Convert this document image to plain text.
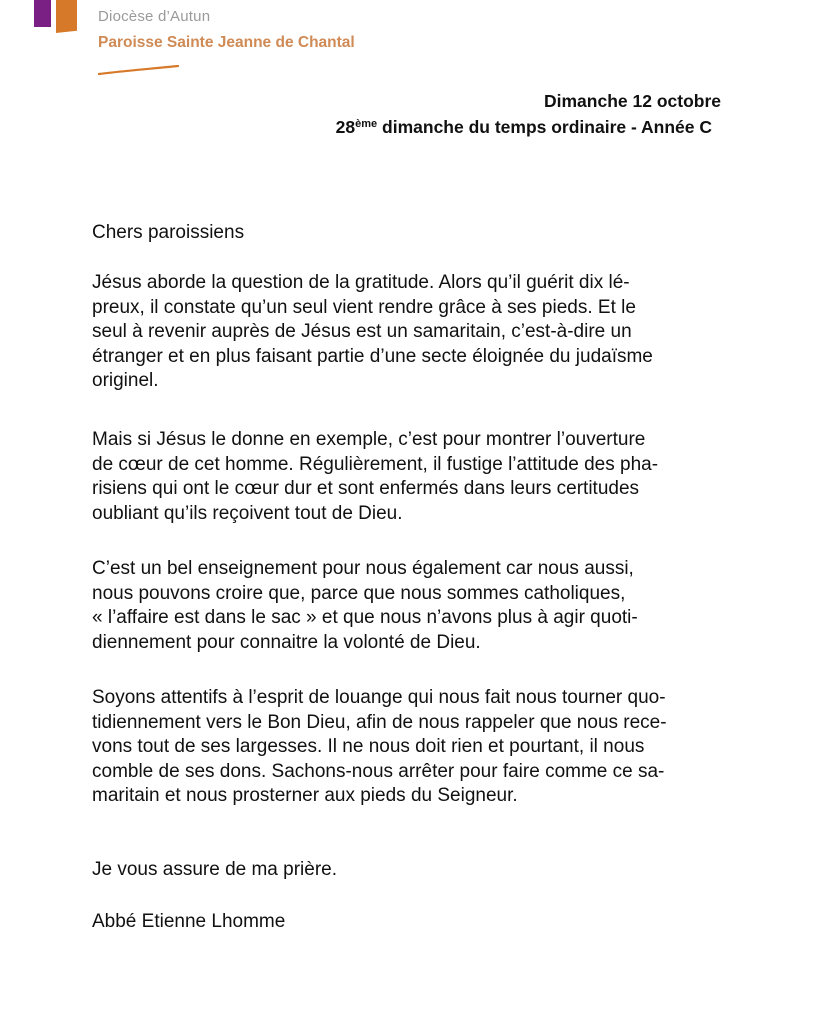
Diocèse d’Autun
Paroisse Sainte Jeanne de Chantal
Dimanche 12 octobre
28ème dimanche du temps ordinaire - Année C
Chers paroissiens
Jésus aborde la question de la gratitude. Alors qu’il guérit dix lé-
preux, il constate qu’un seul vient rendre grâce à ses pieds. Et le
seul à revenir auprès de Jésus est un samaritain, c’est-à-dire un
étranger et en plus faisant partie d’une secte éloignée du judaïsme
originel.
Mais si Jésus le donne en exemple, c’est pour montrer l’ouverture
de cœur de cet homme. Régulièrement, il fustige l’attitude des pha-
risiens qui ont le cœur dur et sont enfermés dans leurs certitudes
oubliant qu’ils reçoivent tout de Dieu.
C’est un bel enseignement pour nous également car nous aussi,
nous pouvons croire que, parce que nous sommes catholiques,
« l’affaire est dans le sac » et que nous n’avons plus à agir quoti-
diennement pour connaitre la volonté de Dieu.
Soyons attentifs à l’esprit de louange qui nous fait nous tourner quo-
tidiennement vers le Bon Dieu, afin de nous rappeler que nous rece-
vons tout de ses largesses. Il ne nous doit rien et pourtant, il nous
comble de ses dons. Sachons-nous arrêter pour faire comme ce sa-
maritain et nous prosterner aux pieds du Seigneur.
Je vous assure de ma prière.
Abbé Etienne Lhomme
